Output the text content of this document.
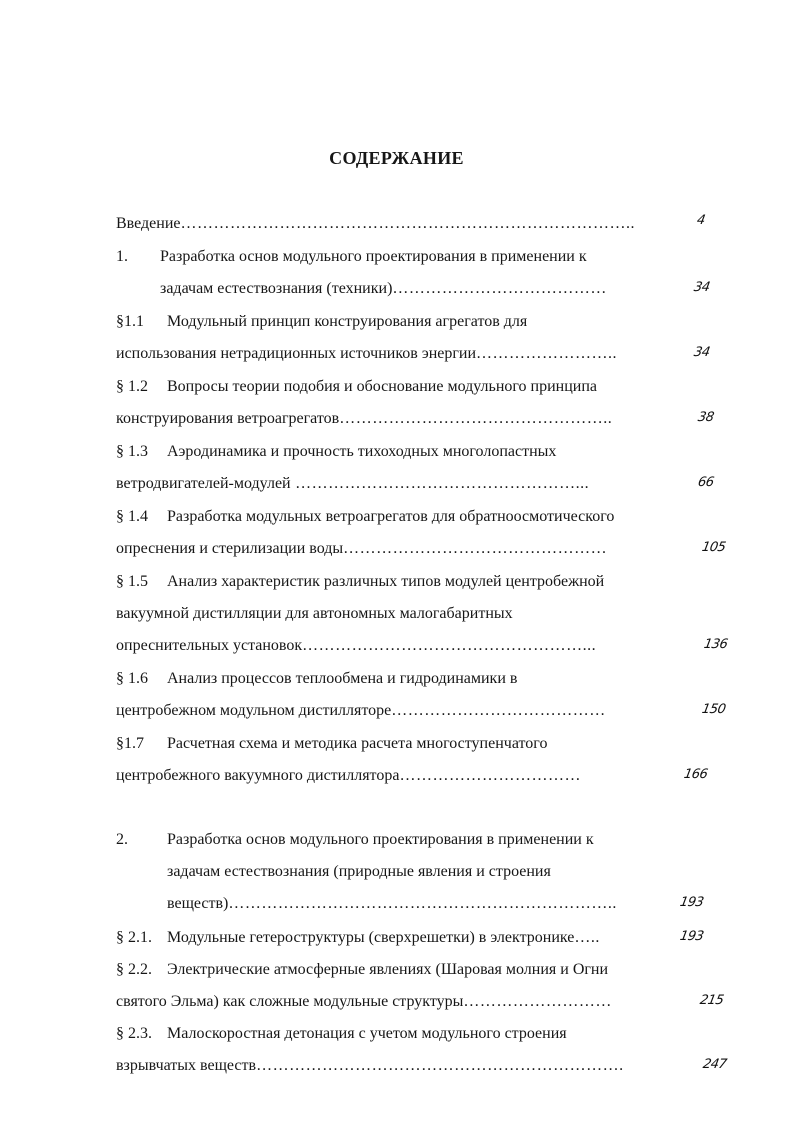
СОДЕРЖАНИЕ
Введение………………………………………………………………………..	4
1. Разработка основ модульного проектирования в применении к
задачам естествознания (техники)…………………………………	34
§1.1 Модульный принцип конструирования агрегатов для
использования нетрадиционных источников энергии……………………..	34
§ 1.2 Вопросы теории подобия и обоснование модульного принципа
конструирования ветроагрегатов…………………………………………..	38
§ 1.3 Аэродинамика и прочность тихоходных многолопастных
ветродвигателей-модулей ……………………………………………...	66
§ 1.4 Разработка модульных ветроагрегатов для обратноосмотического
опреснения и стерилизации воды…………………………………………	105
§ 1.5 Анализ характеристик различных типов модулей центробежной
вакуумной дистилляции для автономных малогабаритных
опреснительных установок……………………………………………...	136
§ 1.6 Анализ процессов теплообмена и гидродинамики в
центробежном модульном дистилляторе…………………………………	150
§1.7 Расчетная схема и методика расчета многоступенчатого
центробежного вакуумного дистиллятора……………………………	166
2. Разработка основ модульного проектирования в применении к
задачам естествознания (природные явления и строения
веществ)……………………………………………………………..	193
§ 2.1. Модульные гетероструктуры (сверхрешетки) в электронике…..	193
§ 2.2. Электрические атмосферные явлениях (Шаровая молния и Огни
святого Эльма) как сложные модульные структуры………………………	215
§ 2.3. Малоскоростная детонация с учетом модульного строения
взрывчатых веществ………………………………………………………….	247
